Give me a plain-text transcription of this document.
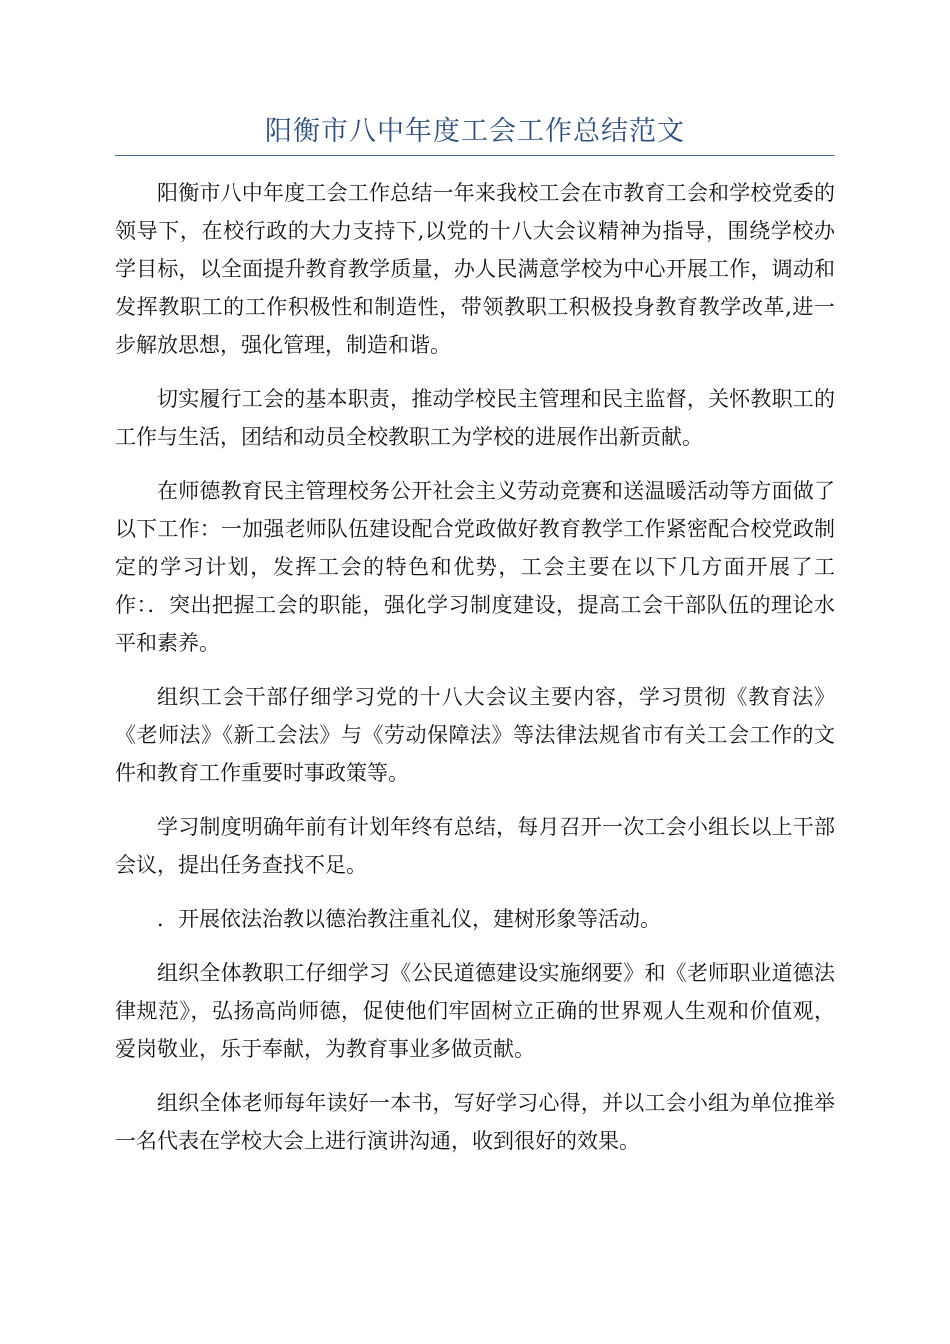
阳衡市八中年度工会工作总结范文

阳衡市八中年度工会工作总结一年来我校工会在市教育工会和学校党委的领导下，在校行政的大力支持下,以党的十八大会议精神为指导，围绕学校办学目标，以全面提升教育教学质量，办人民满意学校为中心开展工作，调动和发挥教职工的工作积极性和制造性，带领教职工积极投身教育教学改革,进一步解放思想，强化管理，制造和谐。

切实履行工会的基本职责，推动学校民主管理和民主监督，关怀教职工的工作与生活，团结和动员全校教职工为学校的进展作出新贡献。

在师德教育民主管理校务公开社会主义劳动竞赛和送温暖活动等方面做了以下工作：一加强老师队伍建设配合党政做好教育教学工作紧密配合校党政制定的学习计划，发挥工会的特色和优势，工会主要在以下几方面开展了工作：．突出把握工会的职能，强化学习制度建设，提高工会干部队伍的理论水平和素养。

组织工会干部仔细学习党的十八大会议主要内容，学习贯彻《教育法》《老师法》《新工会法》与《劳动保障法》等法律法规省市有关工会工作的文件和教育工作重要时事政策等。

学习制度明确年前有计划年终有总结，每月召开一次工会小组长以上干部会议，提出任务查找不足。

．开展依法治教以德治教注重礼仪，建树形象等活动。

组织全体教职工仔细学习《公民道德建设实施纲要》和《老师职业道德法律规范》，弘扬高尚师德，促使他们牢固树立正确的世界观人生观和价值观，爱岗敬业，乐于奉献，为教育事业多做贡献。

组织全体老师每年读好一本书，写好学习心得，并以工会小组为单位推举一名代表在学校大会上进行演讲沟通，收到很好的效果。
